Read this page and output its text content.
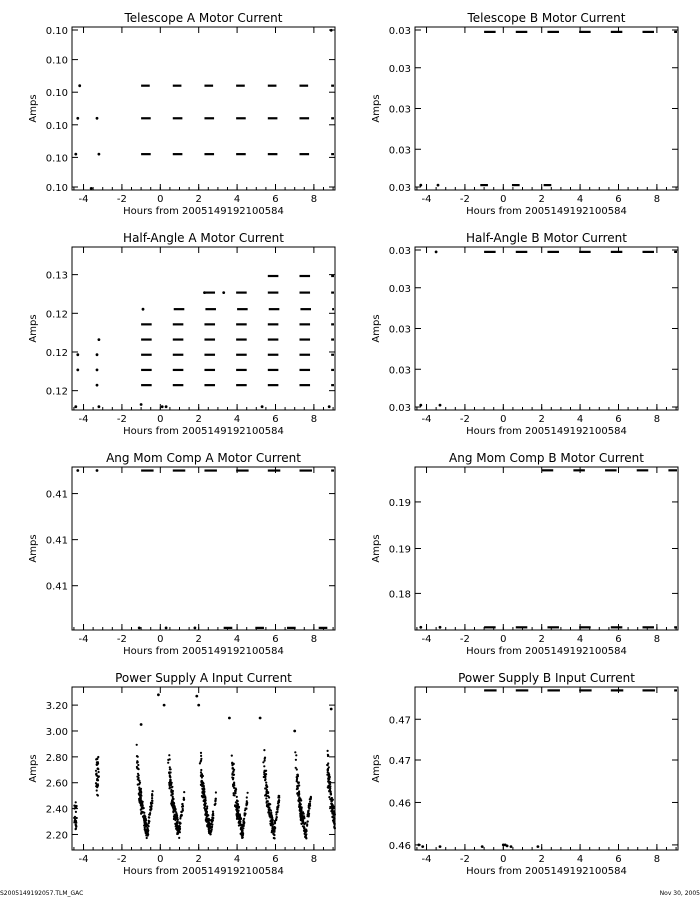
Telescope A Motor Current
Hours from 2005149192100584
Amps
-4	-2	0	2	4	6	8
0.10
0.10
0.10
0.10
0.10
0.10
Telescope B Motor Current
Hours from 2005149192100584
Amps
-4	-2	0	2	4	6	8
0.03
0.03
0.03
0.03
0.03
Half-Angle A Motor Current
Hours from 2005149192100584
Amps
-4	-2	0	2	4	6	8
0.12
0.12
0.12
0.13
Half-Angle B Motor Current
Hours from 2005149192100584
Amps
-4	-2	0	2	4	6	8
0.03
0.03
0.03
0.03
0.03
Ang Mom Comp A Motor Current
Hours from 2005149192100584
Amps
-4	-2	0	2	4	6	8
0.41
0.41
0.41
Ang Mom Comp B Motor Current
Hours from 2005149192100584
Amps
-4	-2	0	2	4	6	8
0.18
0.19
0.19
Power Supply A Input Current
Hours from 2005149192100584
Amps
-4	-2	0	2	4	6	8
2.20
2.40
2.60
2.80
3.00
3.20
Power Supply B Input Current
Hours from 2005149192100584
Amps
-4	-2	0	2	4	6	8
0.46
0.46
0.47
0.47
S2005149192057.TLM_GAC	Nov 30, 2005
